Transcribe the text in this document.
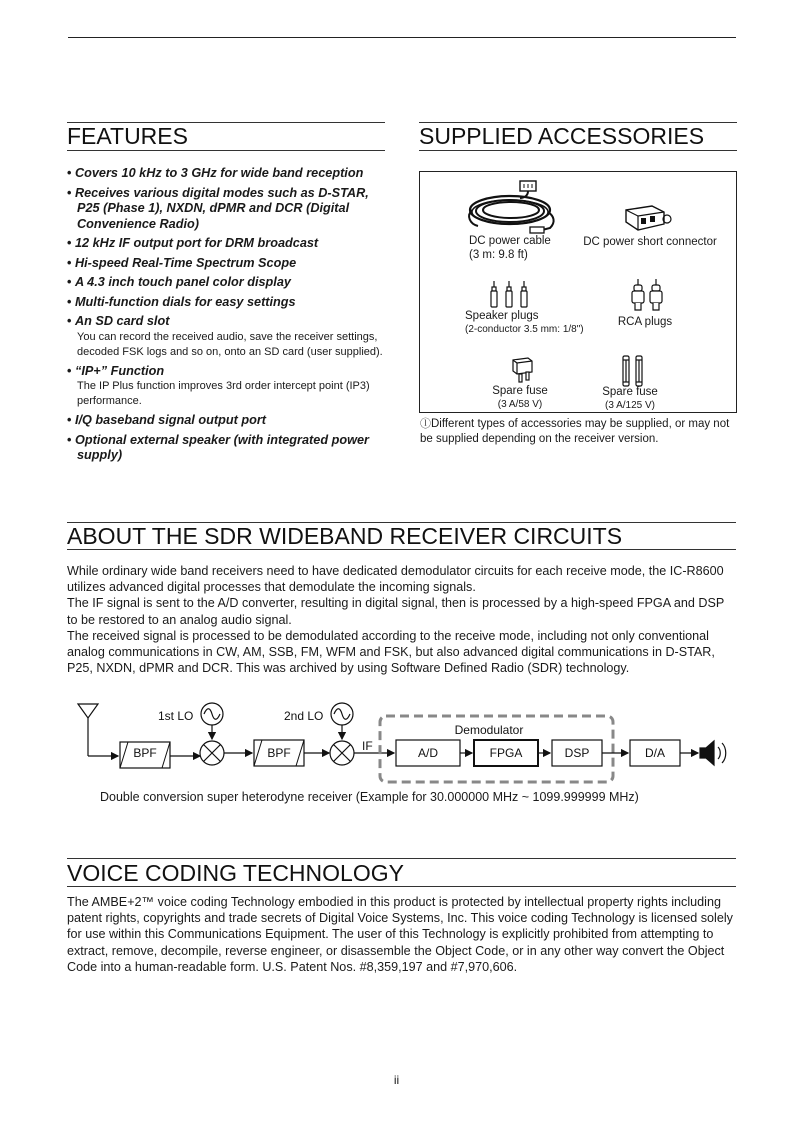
FEATURES
• Covers 10 kHz to 3 GHz for wide band reception
• Receives various digital modes such as D-STAR, P25 (Phase 1), NXDN, dPMR and DCR (Digital Convenience Radio)
• 12 kHz IF output port for DRM broadcast
• Hi-speed Real-Time Spectrum Scope
• A 4.3 inch touch panel color display
• Multi-function dials for easy settings
• An SD card slot
You can record the received audio, save the receiver settings, decoded FSK logs and so on, onto an SD card (user supplied).
• “IP+” Function
The IP Plus function improves 3rd order intercept point (IP3) performance.
• I/Q baseband signal output port
• Optional external speaker (with integrated power supply)
SUPPLIED ACCESSORIES
DC power cable
(3 m: 9.8 ft)
DC power short connector
Speaker plugs
(2-conductor 3.5 mm: 1/8")
RCA plugs
Spare fuse
(3 A/58 V)
Spare fuse
(3 A/125 V)
ⓛDifferent types of accessories may be supplied, or may not be supplied depending on the receiver version.
ABOUT THE SDR WIDEBAND RECEIVER CIRCUITS

While ordinary wide band receivers need to have dedicated demodulator circuits for each receive mode, the IC-R8600 utilizes advanced digital processes that demodulate the incoming signals.
The IF signal is sent to the A/D converter, resulting in digital signal, then is processed by a high-speed FPGA and DSP to be restored to an analog audio signal.
The received signal is processed to be demodulated according to the receive mode, including not only conventional analog communications in CW, AM, SSB, FM, WFM and FSK, but also advanced digital communications in D-STAR, P25, NXDN, dPMR and DCR. This was archived by using Software Defined Radio (SDR) technology.

1st LO	2nd LO
BPF	BPF	IF
Demodulator
A/D	FPGA	DSP	D/A
Double conversion super heterodyne receiver (Example for 30.000000 MHz ~ 1099.999999 MHz)
VOICE CODING TECHNOLOGY

The AMBE+2™ voice coding Technology embodied in this product is protected by intellectual property rights including patent rights, copyrights and trade secrets of Digital Voice Systems, Inc. This voice coding Technology is licensed solely for use within this Communications Equipment. The user of this Technology is explicitly prohibited from attempting to extract, remove, decompile, reverse engineer, or disassemble the Object Code, or in any other way convert the Object Code into a human-readable form. U.S. Patent Nos. #8,359,197 and #7,970,606.

ii
